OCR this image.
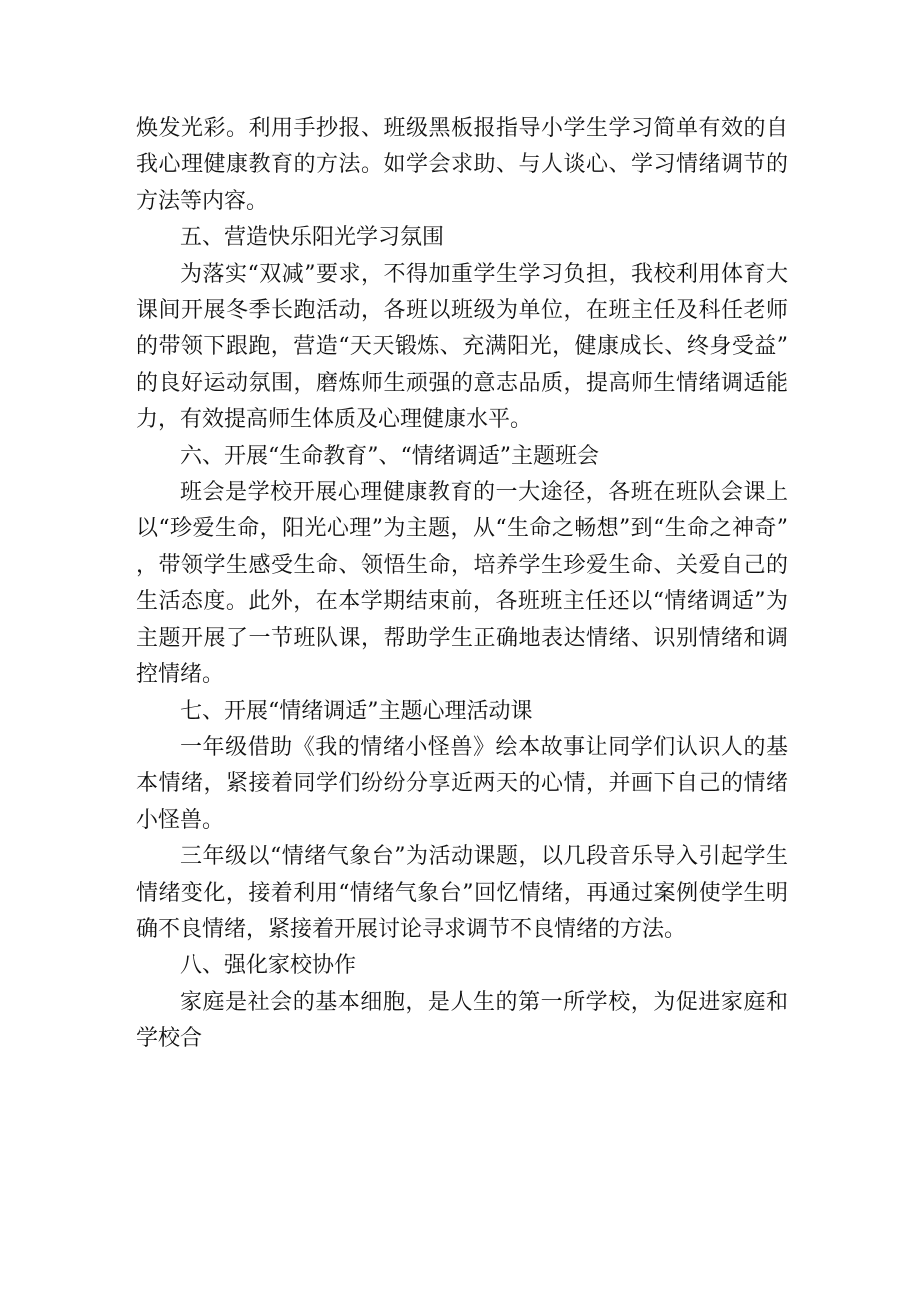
焕发光彩。利用手抄报、班级黑板报指导小学生学习简单有效的自我心理健康教育的方法。如学会求助、与人谈心、学习情绪调节的方法等内容。

五、营造快乐阳光学习氛围

为落实“双减”要求，不得加重学生学习负担，我校利用体育大课间开展冬季长跑活动，各班以班级为单位，在班主任及科任老师的带领下跟跑，营造“天天锻炼、充满阳光，健康成长、终身受益”的良好运动氛围，磨炼师生顽强的意志品质，提高师生情绪调适能力，有效提高师生体质及心理健康水平。

六、开展“生命教育”、“情绪调适”主题班会

班会是学校开展心理健康教育的一大途径，各班在班队会课上以“珍爱生命，阳光心理”为主题，从“生命之畅想”到“生命之神奇”，带领学生感受生命、领悟生命，培养学生珍爱生命、关爱自己的生活态度。此外，在本学期结束前，各班班主任还以“情绪调适”为主题开展了一节班队课，帮助学生正确地表达情绪、识别情绪和调控情绪。

七、开展“情绪调适”主题心理活动课

一年级借助《我的情绪小怪兽》绘本故事让同学们认识人的基本情绪，紧接着同学们纷纷分享近两天的心情，并画下自己的情绪小怪兽。

三年级以“情绪气象台”为活动课题，以几段音乐导入引起学生情绪变化，接着利用“情绪气象台”回忆情绪，再通过案例使学生明确不良情绪，紧接着开展讨论寻求调节不良情绪的方法。

八、强化家校协作

家庭是社会的基本细胞，是人生的第一所学校，为促进家庭和学校合
